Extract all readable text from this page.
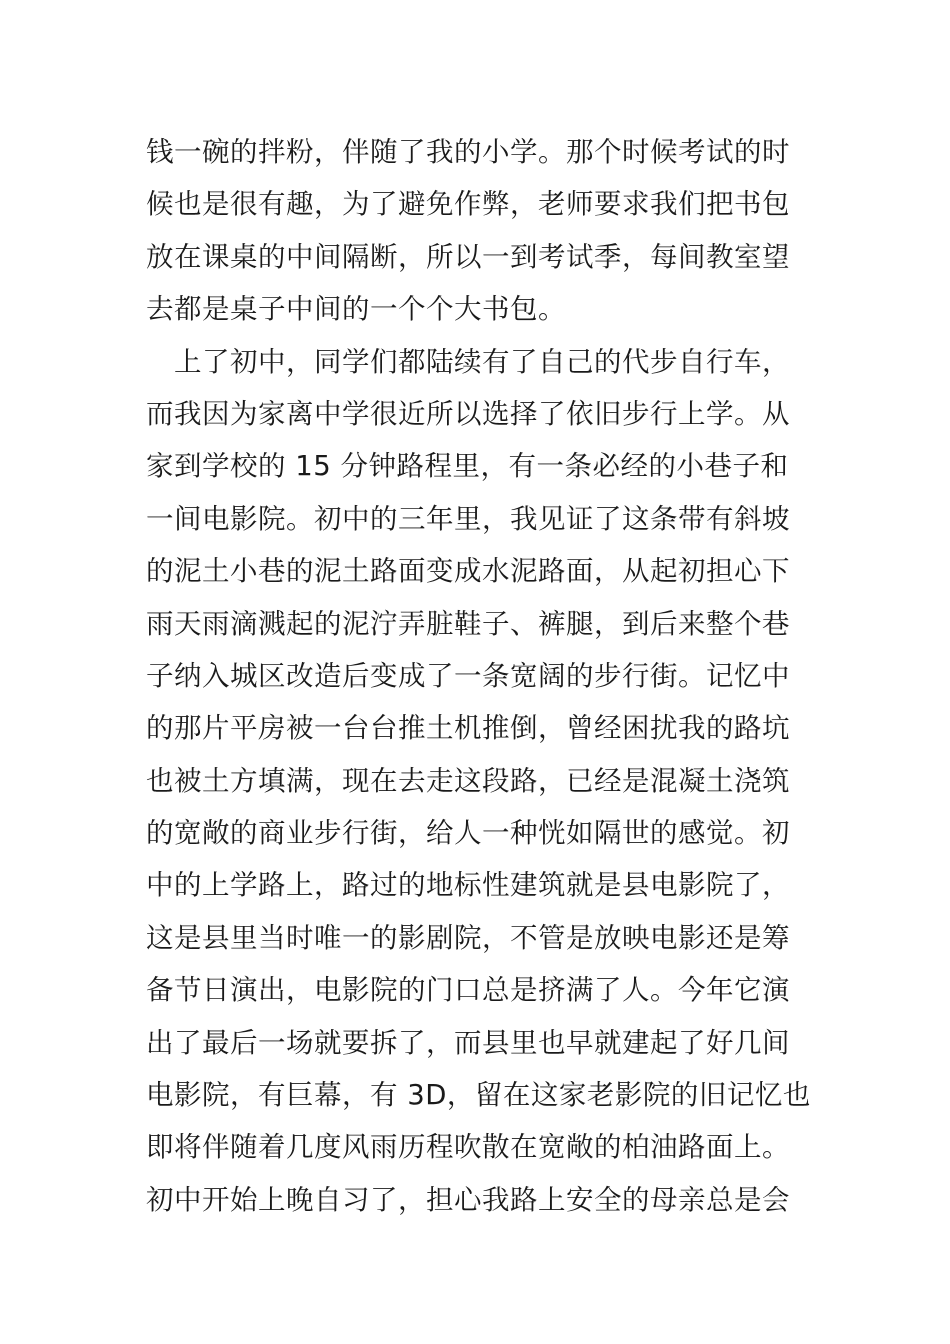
钱一碗的拌粉，伴随了我的小学。那个时候考试的时
候也是很有趣，为了避免作弊，老师要求我们把书包
放在课桌的中间隔断，所以一到考试季，每间教室望
去都是桌子中间的一个个大书包。
　上了初中，同学们都陆续有了自己的代步自行车，
而我因为家离中学很近所以选择了依旧步行上学。从
家到学校的 15 分钟路程里，有一条必经的小巷子和
一间电影院。初中的三年里，我见证了这条带有斜坡
的泥土小巷的泥土路面变成水泥路面，从起初担心下
雨天雨滴溅起的泥泞弄脏鞋子、裤腿，到后来整个巷
子纳入城区改造后变成了一条宽阔的步行街。记忆中
的那片平房被一台台推土机推倒，曾经困扰我的路坑
也被土方填满，现在去走这段路，已经是混凝土浇筑
的宽敞的商业步行街，给人一种恍如隔世的感觉。初
中的上学路上，路过的地标性建筑就是县电影院了，
这是县里当时唯一的影剧院，不管是放映电影还是筹
备节日演出，电影院的门口总是挤满了人。今年它演
出了最后一场就要拆了，而县里也早就建起了好几间
电影院，有巨幕，有 3D，留在这家老影院的旧记忆也
即将伴随着几度风雨历程吹散在宽敞的柏油路面上。
初中开始上晚自习了，担心我路上安全的母亲总是会
